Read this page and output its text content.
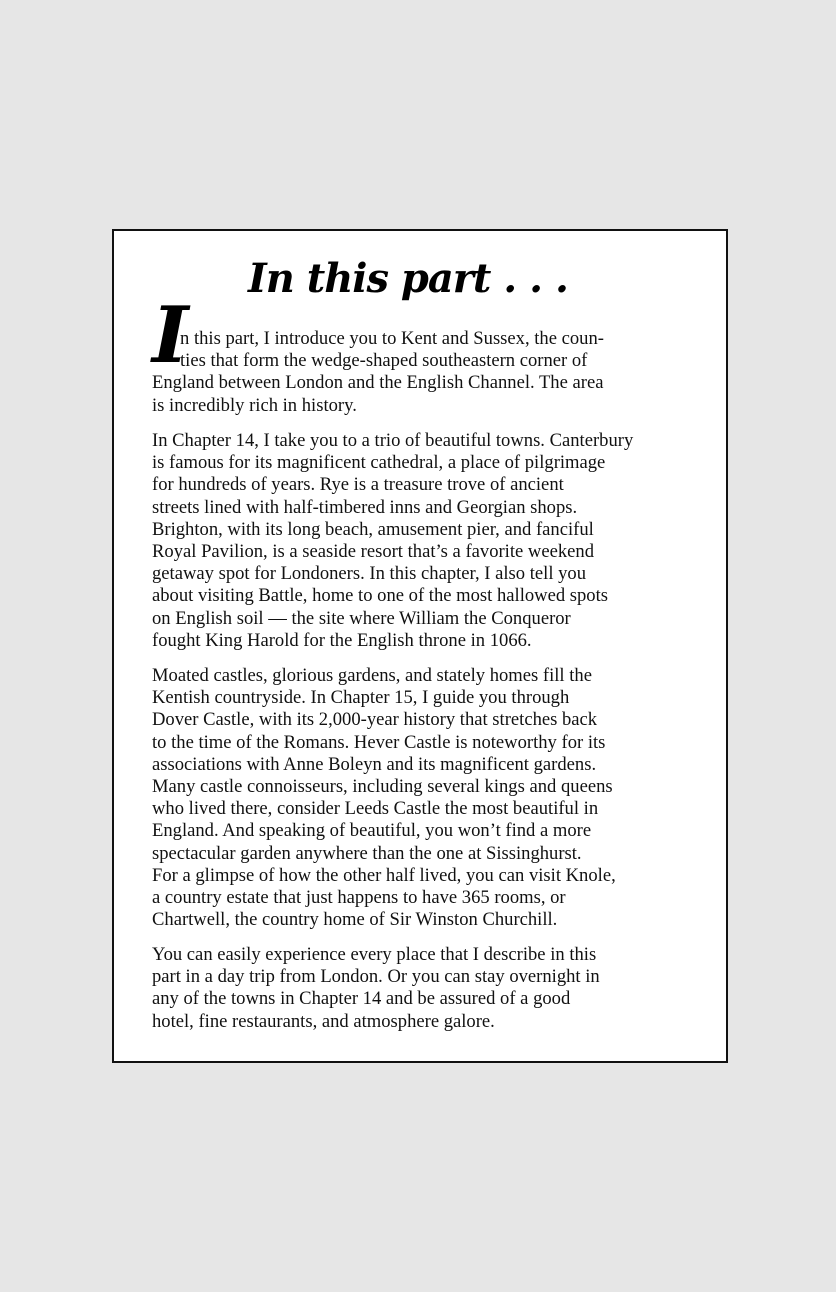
In this part . . .
I
n this part, I introduce you to Kent and Sussex, the coun-
ties that form the wedge-shaped southeastern corner of
England between London and the English Channel. The area
is incredibly rich in history.
In Chapter 14, I take you to a trio of beautiful towns. Canterbury
is famous for its magnificent cathedral, a place of pilgrimage
for hundreds of years. Rye is a treasure trove of ancient
streets lined with half-timbered inns and Georgian shops.
Brighton, with its long beach, amusement pier, and fanciful
Royal Pavilion, is a seaside resort that’s a favorite weekend
getaway spot for Londoners. In this chapter, I also tell you
about visiting Battle, home to one of the most hallowed spots
on English soil — the site where William the Conqueror
fought King Harold for the English throne in 1066.
Moated castles, glorious gardens, and stately homes fill the
Kentish countryside. In Chapter 15, I guide you through
Dover Castle, with its 2,000-year history that stretches back
to the time of the Romans. Hever Castle is noteworthy for its
associations with Anne Boleyn and its magnificent gardens.
Many castle connoisseurs, including several kings and queens
who lived there, consider Leeds Castle the most beautiful in
England. And speaking of beautiful, you won’t find a more
spectacular garden anywhere than the one at Sissinghurst.
For a glimpse of how the other half lived, you can visit Knole,
a country estate that just happens to have 365 rooms, or
Chartwell, the country home of Sir Winston Churchill.
You can easily experience every place that I describe in this
part in a day trip from London. Or you can stay overnight in
any of the towns in Chapter 14 and be assured of a good
hotel, fine restaurants, and atmosphere galore.
